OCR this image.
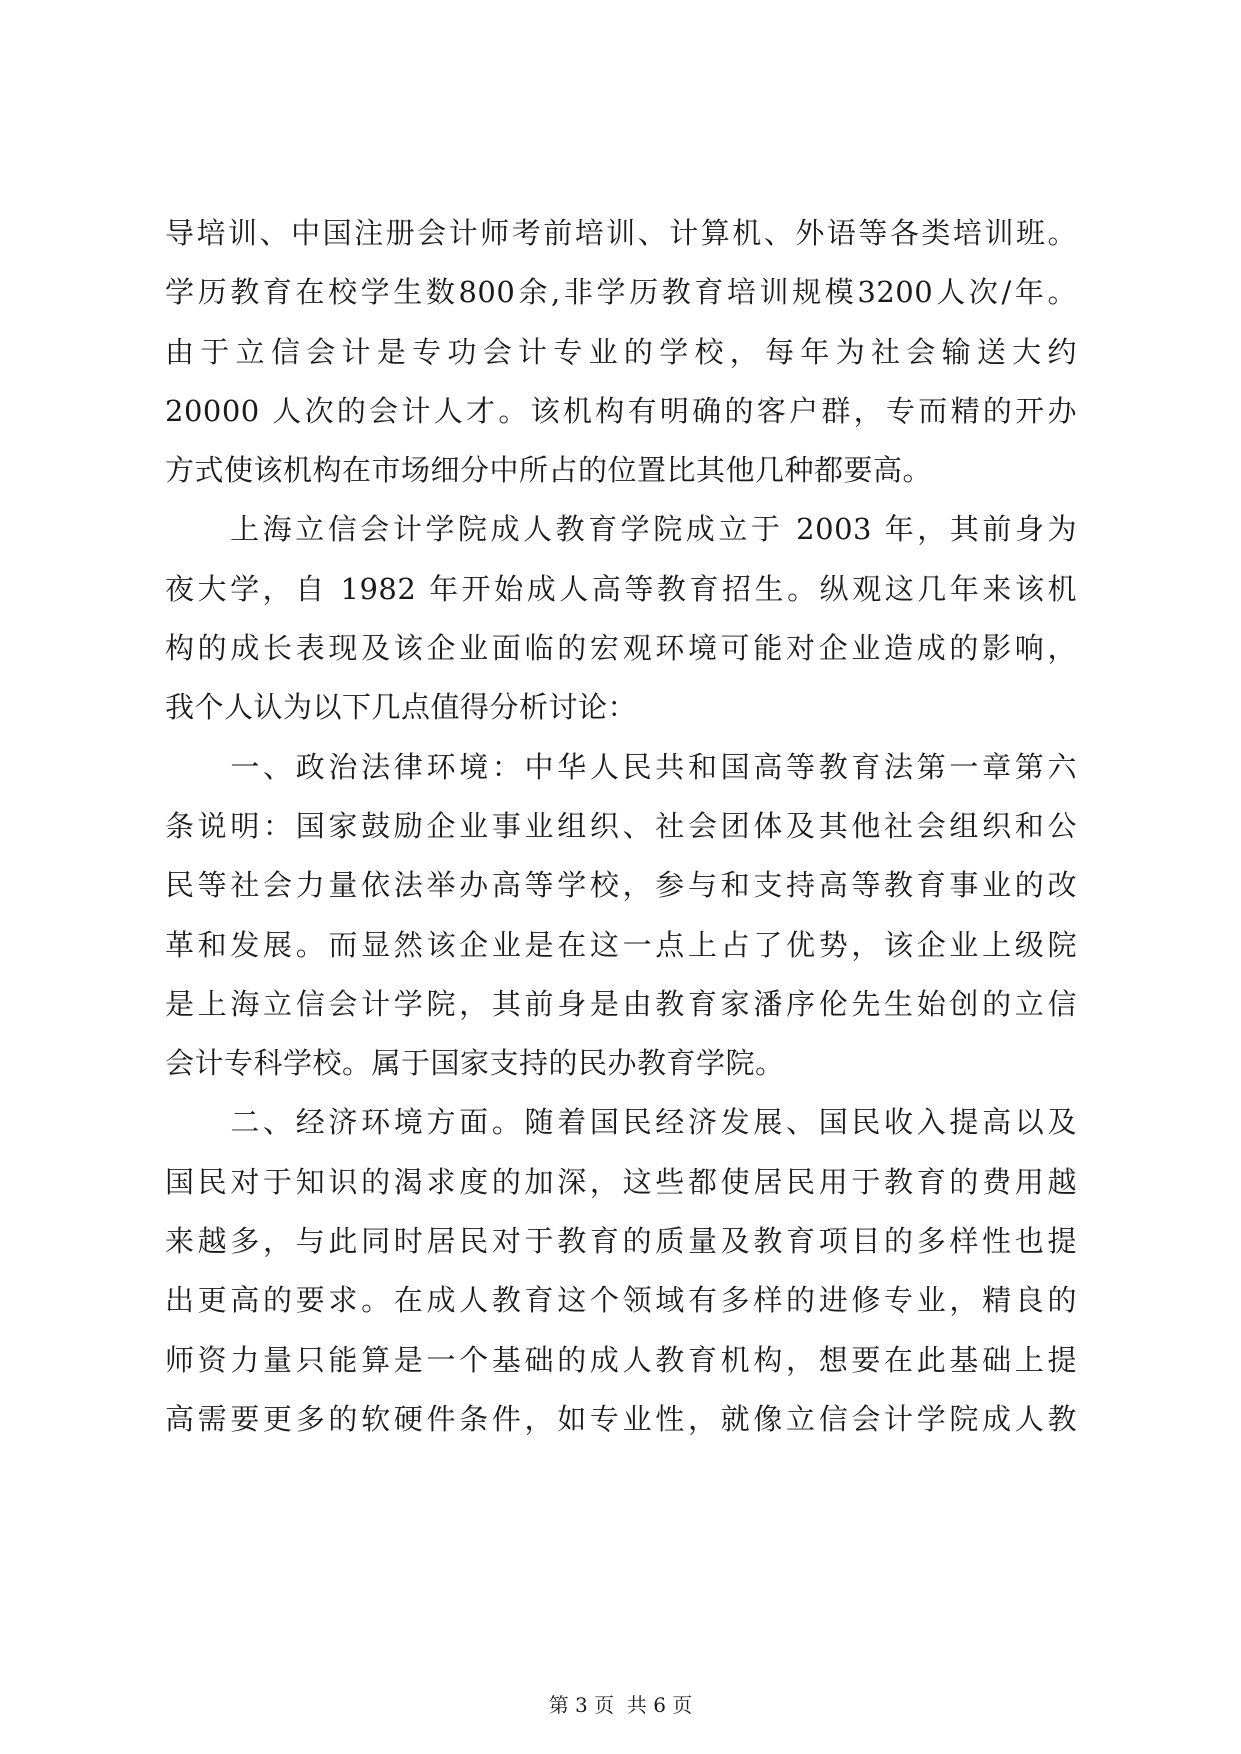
导培训、中国注册会计师考前培训、计算机、外语等各类培训班。
学历教育在校学生数800余,非学历教育培训规模3200人次/年。
由于立信会计是专功会计专业的学校，每年为社会输送大约
20000 人次的会计人才。该机构有明确的客户群，专而精的开办
方式使该机构在市场细分中所占的位置比其他几种都要高。
　　上海立信会计学院成人教育学院成立于 2003 年，其前身为
夜大学，自 1982 年开始成人高等教育招生。纵观这几年来该机
构的成长表现及该企业面临的宏观环境可能对企业造成的影响，
我个人认为以下几点值得分析讨论：
　　一、政治法律环境：中华人民共和国高等教育法第一章第六
条说明：国家鼓励企业事业组织、社会团体及其他社会组织和公
民等社会力量依法举办高等学校，参与和支持高等教育事业的改
革和发展。而显然该企业是在这一点上占了优势，该企业上级院
是上海立信会计学院，其前身是由教育家潘序伦先生始创的立信
会计专科学校。属于国家支持的民办教育学院。
　　二、经济环境方面。随着国民经济发展、国民收入提高以及
国民对于知识的渴求度的加深，这些都使居民用于教育的费用越
来越多，与此同时居民对于教育的质量及教育项目的多样性也提
出更高的要求。在成人教育这个领域有多样的进修专业，精良的
师资力量只能算是一个基础的成人教育机构，想要在此基础上提
高需要更多的软硬件条件，如专业性，就像立信会计学院成人教
第 3 页  共 6 页
